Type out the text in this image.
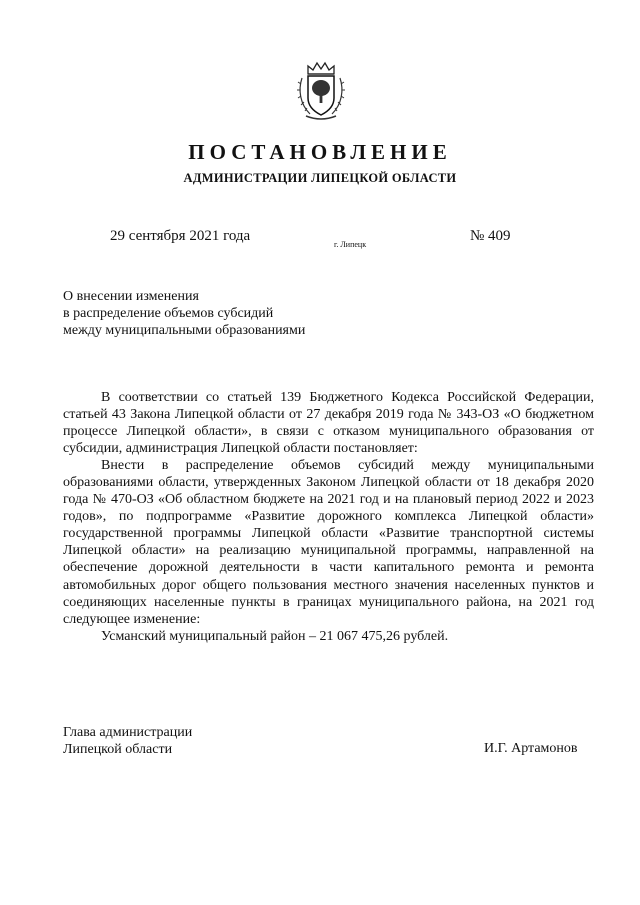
ПОСТАНОВЛЕНИЕ
АДМИНИСТРАЦИИ ЛИПЕЦКОЙ ОБЛАСТИ
29 сентября 2021 года
г. Липецк
№ 409
О внесении изменения
в распределение объемов субсидий
между муниципальными образованиями

В соответствии со статьей 139 Бюджетного Кодекса Российской Федерации, статьей 43 Закона Липецкой области от 27 декабря 2019 года № 343-ОЗ «О бюджетном процессе Липецкой области», в связи с отказом муниципального образования от субсидии, администрация Липецкой области постановляет:

Внести в распределение объемов субсидий между муниципальными образованиями области, утвержденных Законом Липецкой области от 18 декабря 2020 года № 470-ОЗ «Об областном бюджете на 2021 год и на плановый период 2022 и 2023 годов», по подпрограмме «Развитие дорожного комплекса Липецкой области» государственной программы Липецкой области «Развитие транспортной системы Липецкой области» на реализацию муниципальной программы, направленной на обеспечение дорожной деятельности в части капитального ремонта и ремонта автомобильных дорог общего пользования местного значения населенных пунктов и соединяющих населенные пункты в границах муниципального района, на 2021 год следующее изменение:

Усманский муниципальный район – 21 067 475,26 рублей.

Глава администрации
Липецкой области	И.Г. Артамонов
